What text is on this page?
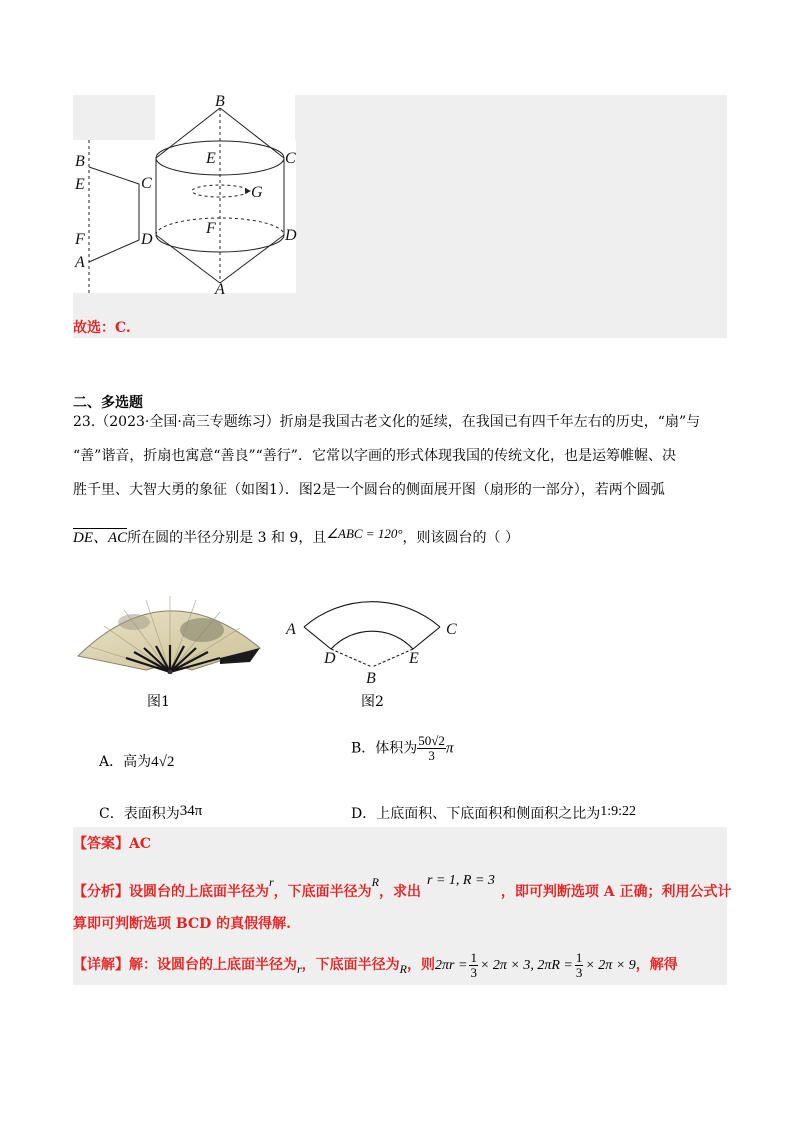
B
E	C
F	D
A
B
E	C
G
F	D
A
故选：C.
二、多选题
23.（2023·全国·高三专题练习）折扇是我国古老文化的延续，在我国已有四千年左右的历史，“扇”与
“善”谐音，折扇也寓意“善良”“善行”．它常以字画的形式体现我国的传统文化，也是运筹帷幄、决
胜千里、大智大勇的象征（如图1）．图2是一个圆台的侧面展开图（扇形的一部分），若两个圆弧
DE、AC所在圆的半径分别是 3 和 9，且∠ABC = 120°，则该圆台的（ ）
图1
A	C
D	E
B
图2
A．高为4√2
B．体积为 $\frac{50√2}{3}$ π
C．表面积为34π	D．上底面积、下底面积和侧面积之比为1:9:22
【答案】AC
【分析】设圆台的上底面半径为r，下底面半径为R，求出r = 1, R = 3，即可判断选项 A 正确；利用公式计
算即可判断选项 BCD 的真假得解.
【详解】解：设圆台的上底面半径为r，下底面半径为R，则$2\pi r = \frac{1}{3} \times 2\pi \times 3$, $2\pi R = \frac{1}{3} \times 2\pi \times 9$，解得
